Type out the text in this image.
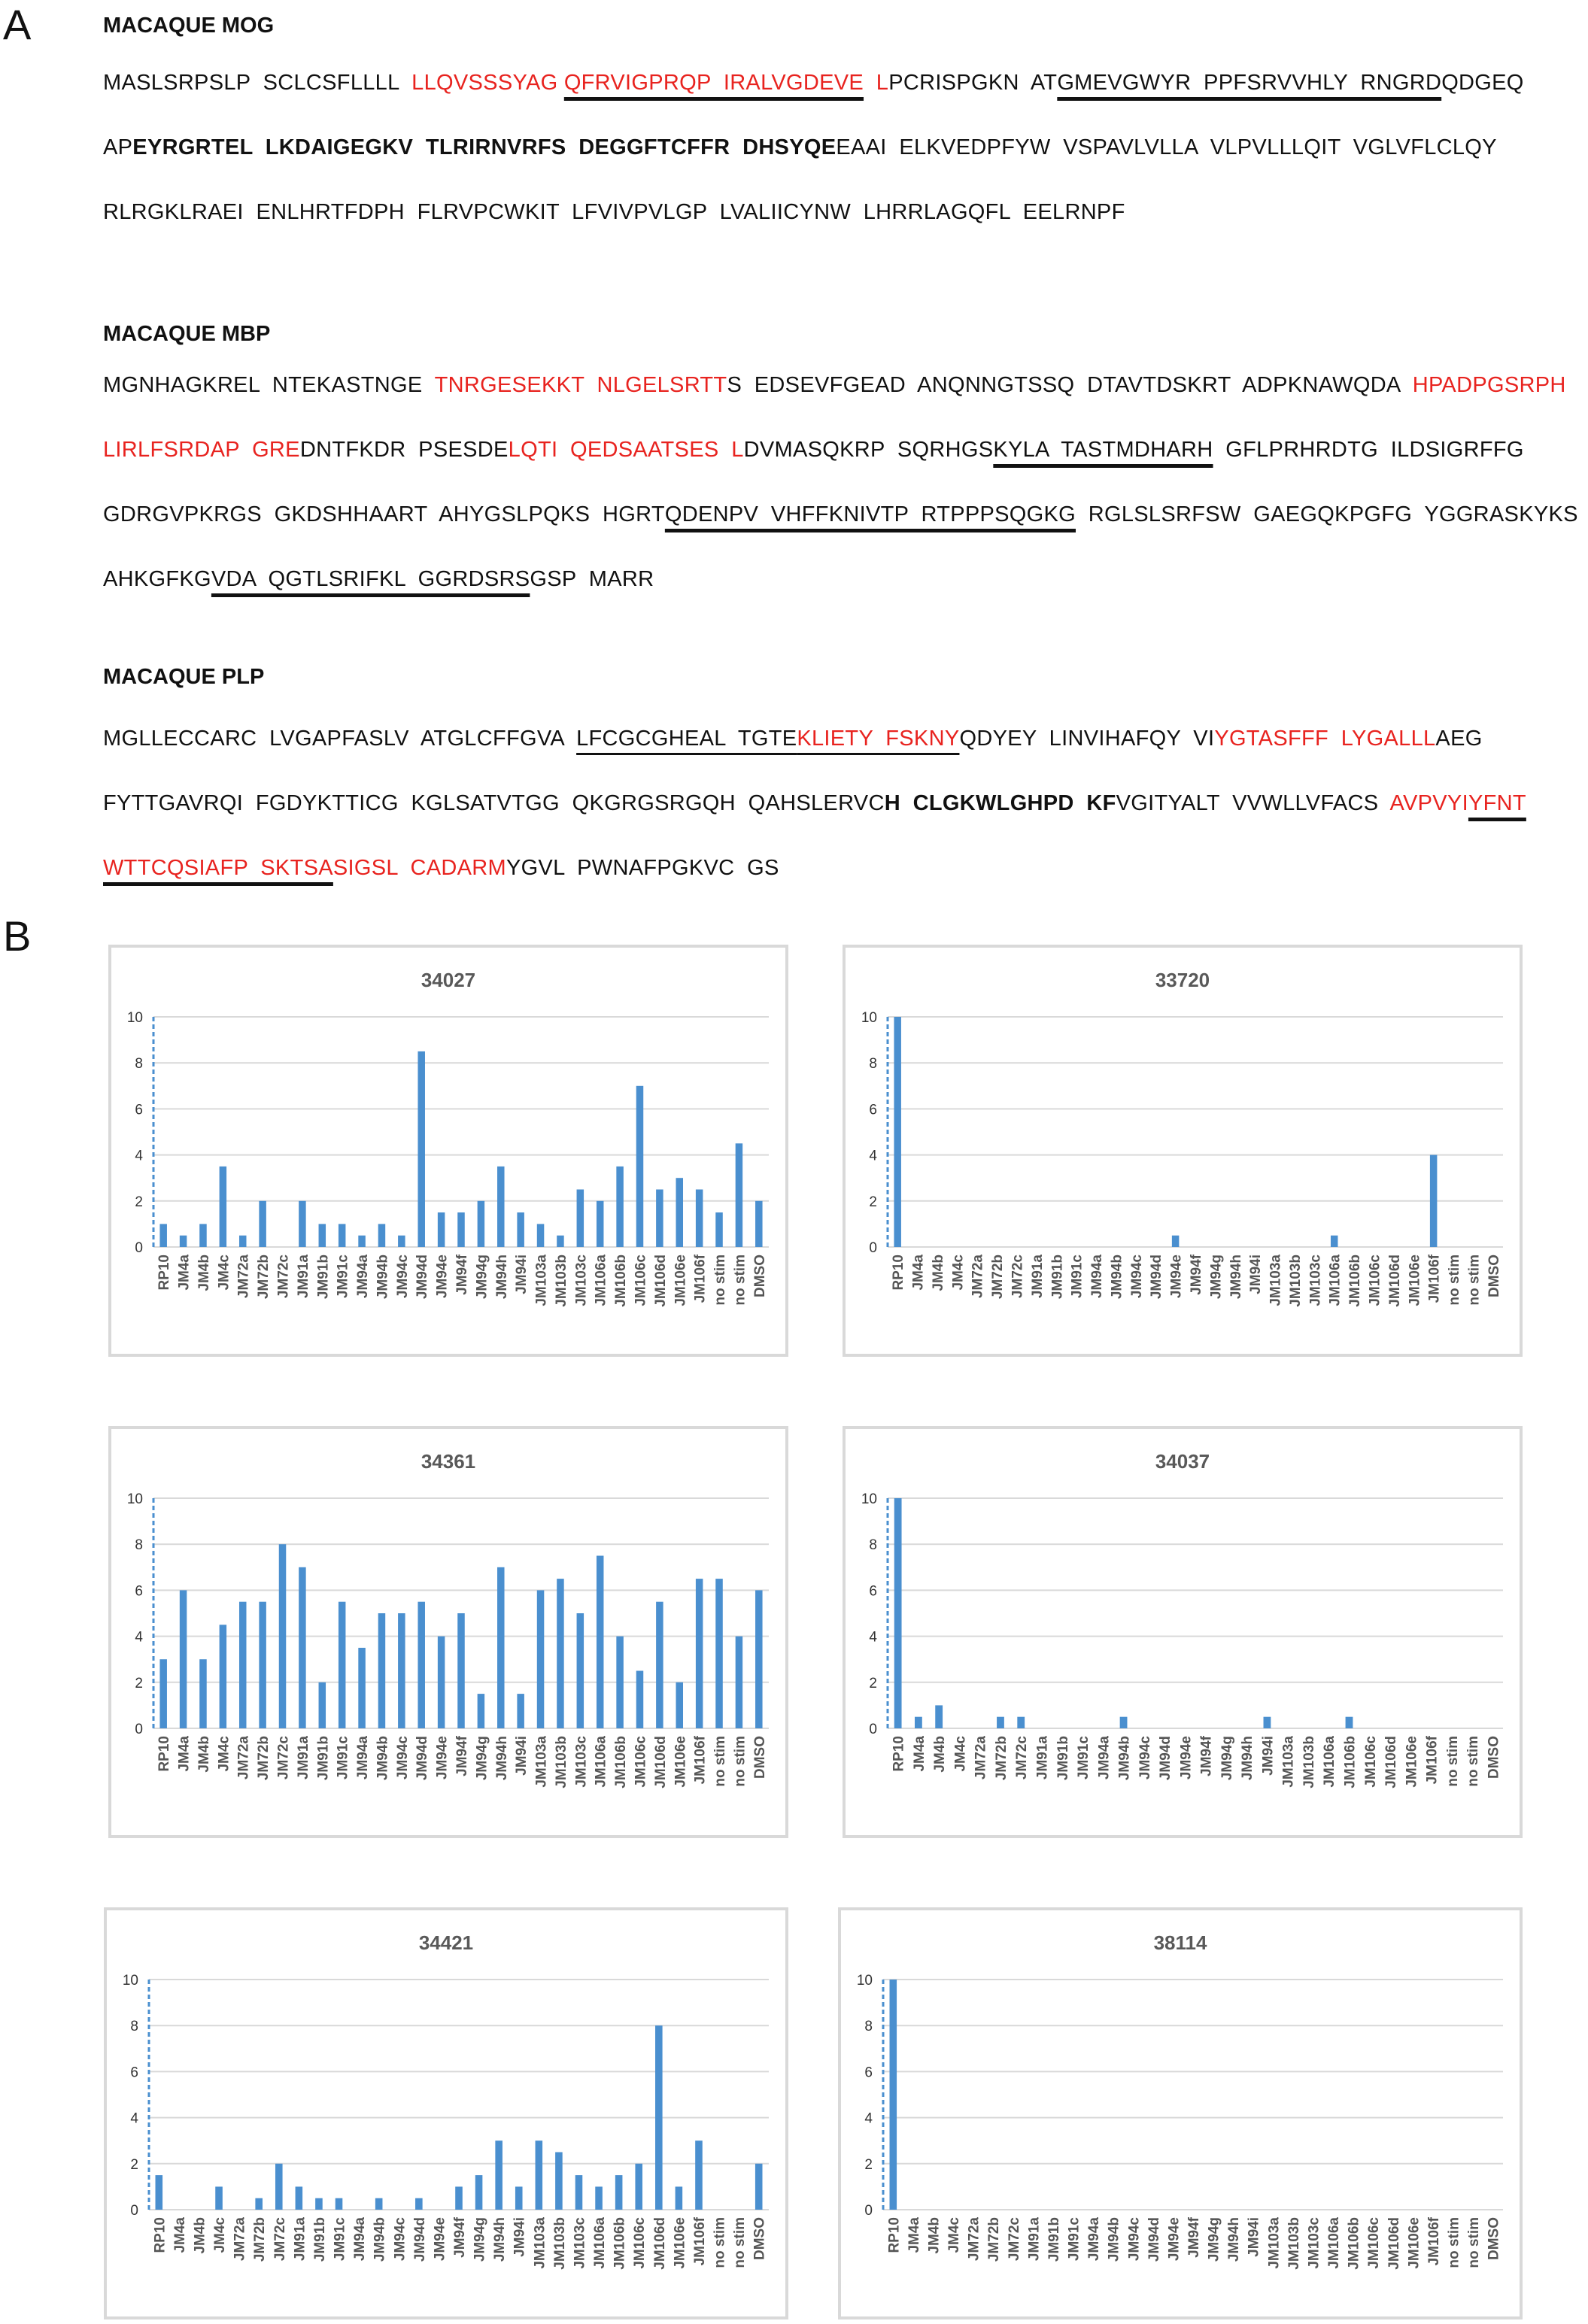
A	MACAQUE MOG
MASLSRPSLP  SCLCSFLLLL  LLQVSSSYAG QFRVIGPRQP  IRALVGDEVE  LPCRISPGKN  ATGMEVGWYR  PPFSRVVHLY  RNGRDQDGEQ
APEYRGRTEL  LKDAIGEGKV  TLRIRNVRFS  DEGGFTCFFR  DHSYQEEAAI  ELKVEDPFYW  VSPAVLVLLA  VLPVLLLQIT  VGLVFLCLQY
RLRGKLRAEI  ENLHRTFDPH  FLRVPCWKIT  LFVIVPVLGP  LVALIICYNW  LHRRLAGQFL  EELRNPF
MACAQUE MBP
MGNHAGKREL  NTEKASTNGE  TNRGESEKKT  NLGELSRTTS  EDSEVFGEAD  ANQNNGTSSQ  DTAVTDSKRT  ADPKNAWQDA  HPADPGSRPH
LIRLFSRDAP  GREDNTFKDR  PSESDELQTI  QEDSAATSES  LDVMASQKRP  SQRHGSKYLA  TASTMDHARH  GFLPRHRDTG  ILDSIGRFFG
GDRGVPKRGS  GKDSHHAART  AHYGSLPQKS  HGRTQDENPV  VHFFKNIVTP  RTPPPSQGKG  RGLSLSRFSW  GAEGQKPGFG  YGGRASKYKS
AHKGFKGVDA  QGTLSRIFKL  GGRDSRSGSP  MARR
MACAQUE PLP
MGLLECCARC  LVGAPFASLV  ATGLCFFGVA  LFCGCGHEAL  TGTEKLIETY  FSKNYQDYEY  LINVIHAFQY  VIYGTASFFF  LYGALLLAEG
FYTTGAVRQI  FGDYKTTICG  KGLSATVTGG  QKGRGSRGQH  QAHSLERVCH  CLGKWLGHPD  KFVGITYALT  VVWLLVFACS  AVPVYIYFNT
WTTCQSIAFP  SKTSASIGSL  CADARMYGVL  PWNAFPGKVC  GS
B
34027
0
2
4
6
8
10
RP10 JM4a JM4b JM4c JM72a JM72b JM72c JM91a JM91b JM91c JM94a JM94b JM94c JM94d JM94e JM94f JM94g JM94h JM94i JM103a JM103b JM103c JM106a JM106b JM106c JM106d JM106e JM106f no stim no stim DMSO
33720
0
2
4
6
8
10
RP10 JM4a JM4b JM4c JM72a JM72b JM72c JM91a JM91b JM91c JM94a JM94b JM94c JM94d JM94e JM94f JM94g JM94h JM94i JM103a JM103b JM103c JM106a JM106b JM106c JM106d JM106e JM106f no stim no stim DMSO
34361
0
2
4
6
8
10
RP10 JM4a JM4b JM4c JM72a JM72b JM72c JM91a JM91b JM91c JM94a JM94b JM94c JM94d JM94e JM94f JM94g JM94h JM94i JM103a JM103b JM103c JM106a JM106b JM106c JM106d JM106e JM106f no stim no stim DMSO
34037
0
2
4
6
8
10
RP10 JM4a JM4b JM4c JM72a JM72b JM72c JM91a JM91b JM91c JM94a JM94b JM94c JM94d JM94e JM94f JM94g JM94h JM94i JM103a JM103b JM106a JM106b JM106c JM106d JM106e JM106f no stim no stim DMSO
34421
0
2
4
6
8
10
RP10 JM4a JM4b JM4c JM72a JM72b JM72c JM91a JM91b JM91c JM94a JM94b JM94c JM94d JM94e JM94f JM94g JM94h JM94i JM103a JM103b JM103c JM106a JM106b JM106c JM106d JM106e JM106f no stim no stim DMSO
38114
0
2
4
6
8
10
RP10 JM4a JM4b JM4c JM72a JM72b JM72c JM91a JM91b JM91c JM94a JM94b JM94c JM94d JM94e JM94f JM94g JM94h JM94i JM103a JM103b JM103c JM106a JM106b JM106c JM106d JM106e JM106f no stim no stim DMSO
